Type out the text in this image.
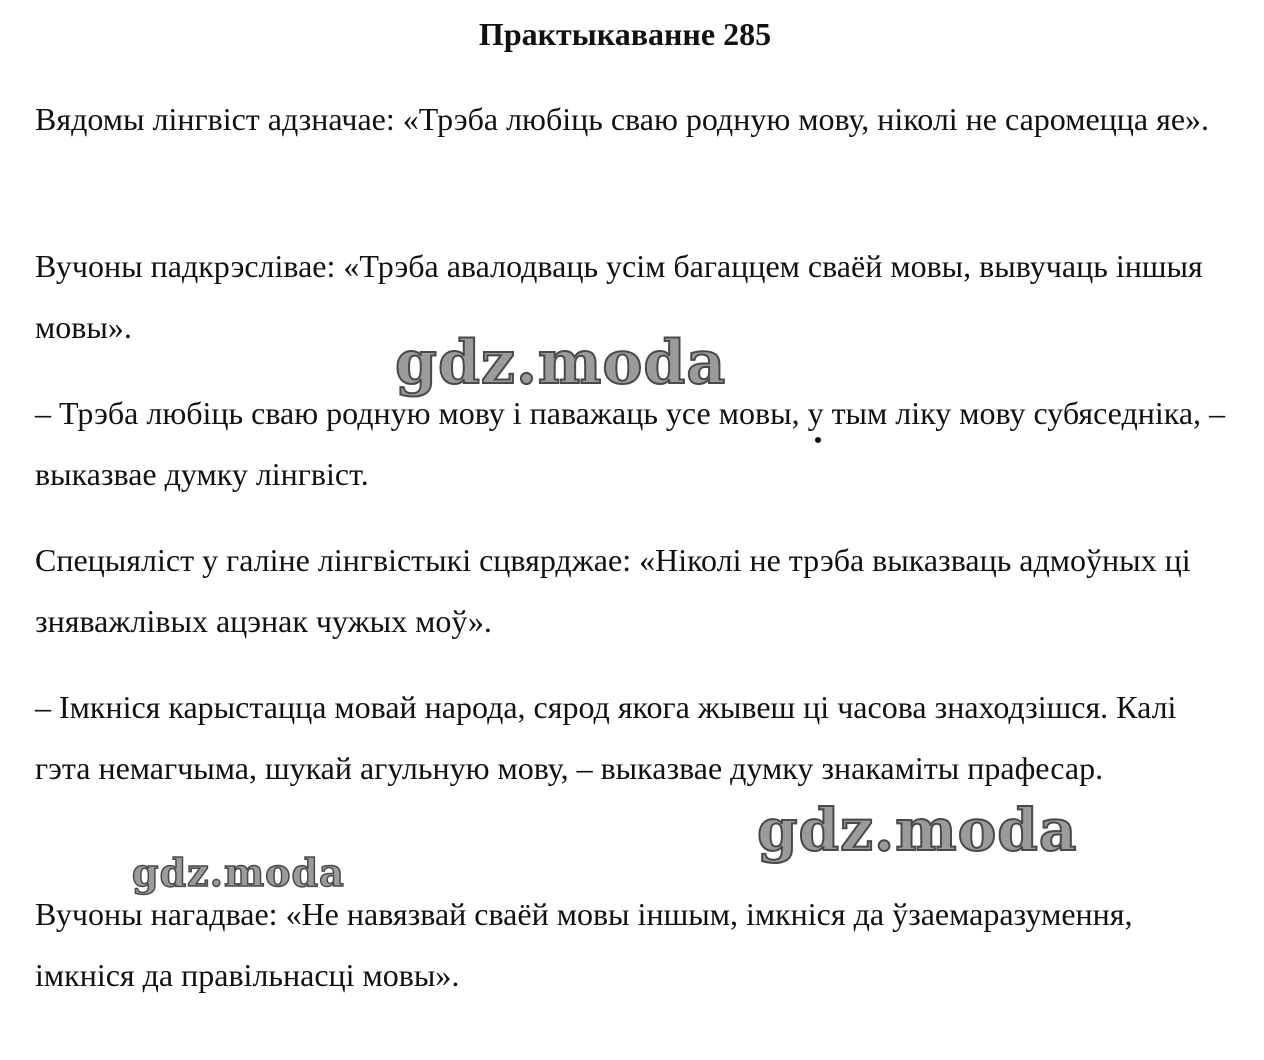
Практыкаванне 285

Вядомы лінгвіст адзначае: «Трэба любіць сваю родную мову, ніколі не саромецца яе».

Вучоны падкрэслівае: «Трэба авалодваць усім багаццем сваёй мовы, вывучаць іншыя мовы».

– Трэба любіць сваю родную мову і паважаць усе мовы, у тым ліку мову субяседніка, – выказвае думку лінгвіст.

Спецыяліст у галіне лінгвістыкі сцвярджае: «Ніколі не трэба выказваць адмоўных ці зняважлівых ацэнак чужых моў».

– Імкніся карыстацца мовай народа, сярод якога жывеш ці часова знаходзішся. Калі гэта немагчыма, шукай агульную мову, – выказвае думку знакаміты прафесар.

Вучоны нагадвае: «Не навязвай сваёй мовы іншым, імкніся да ўзаемаразумення, імкніся да правільнасці мовы».

gdz.moda
gdz.moda
gdz.moda
